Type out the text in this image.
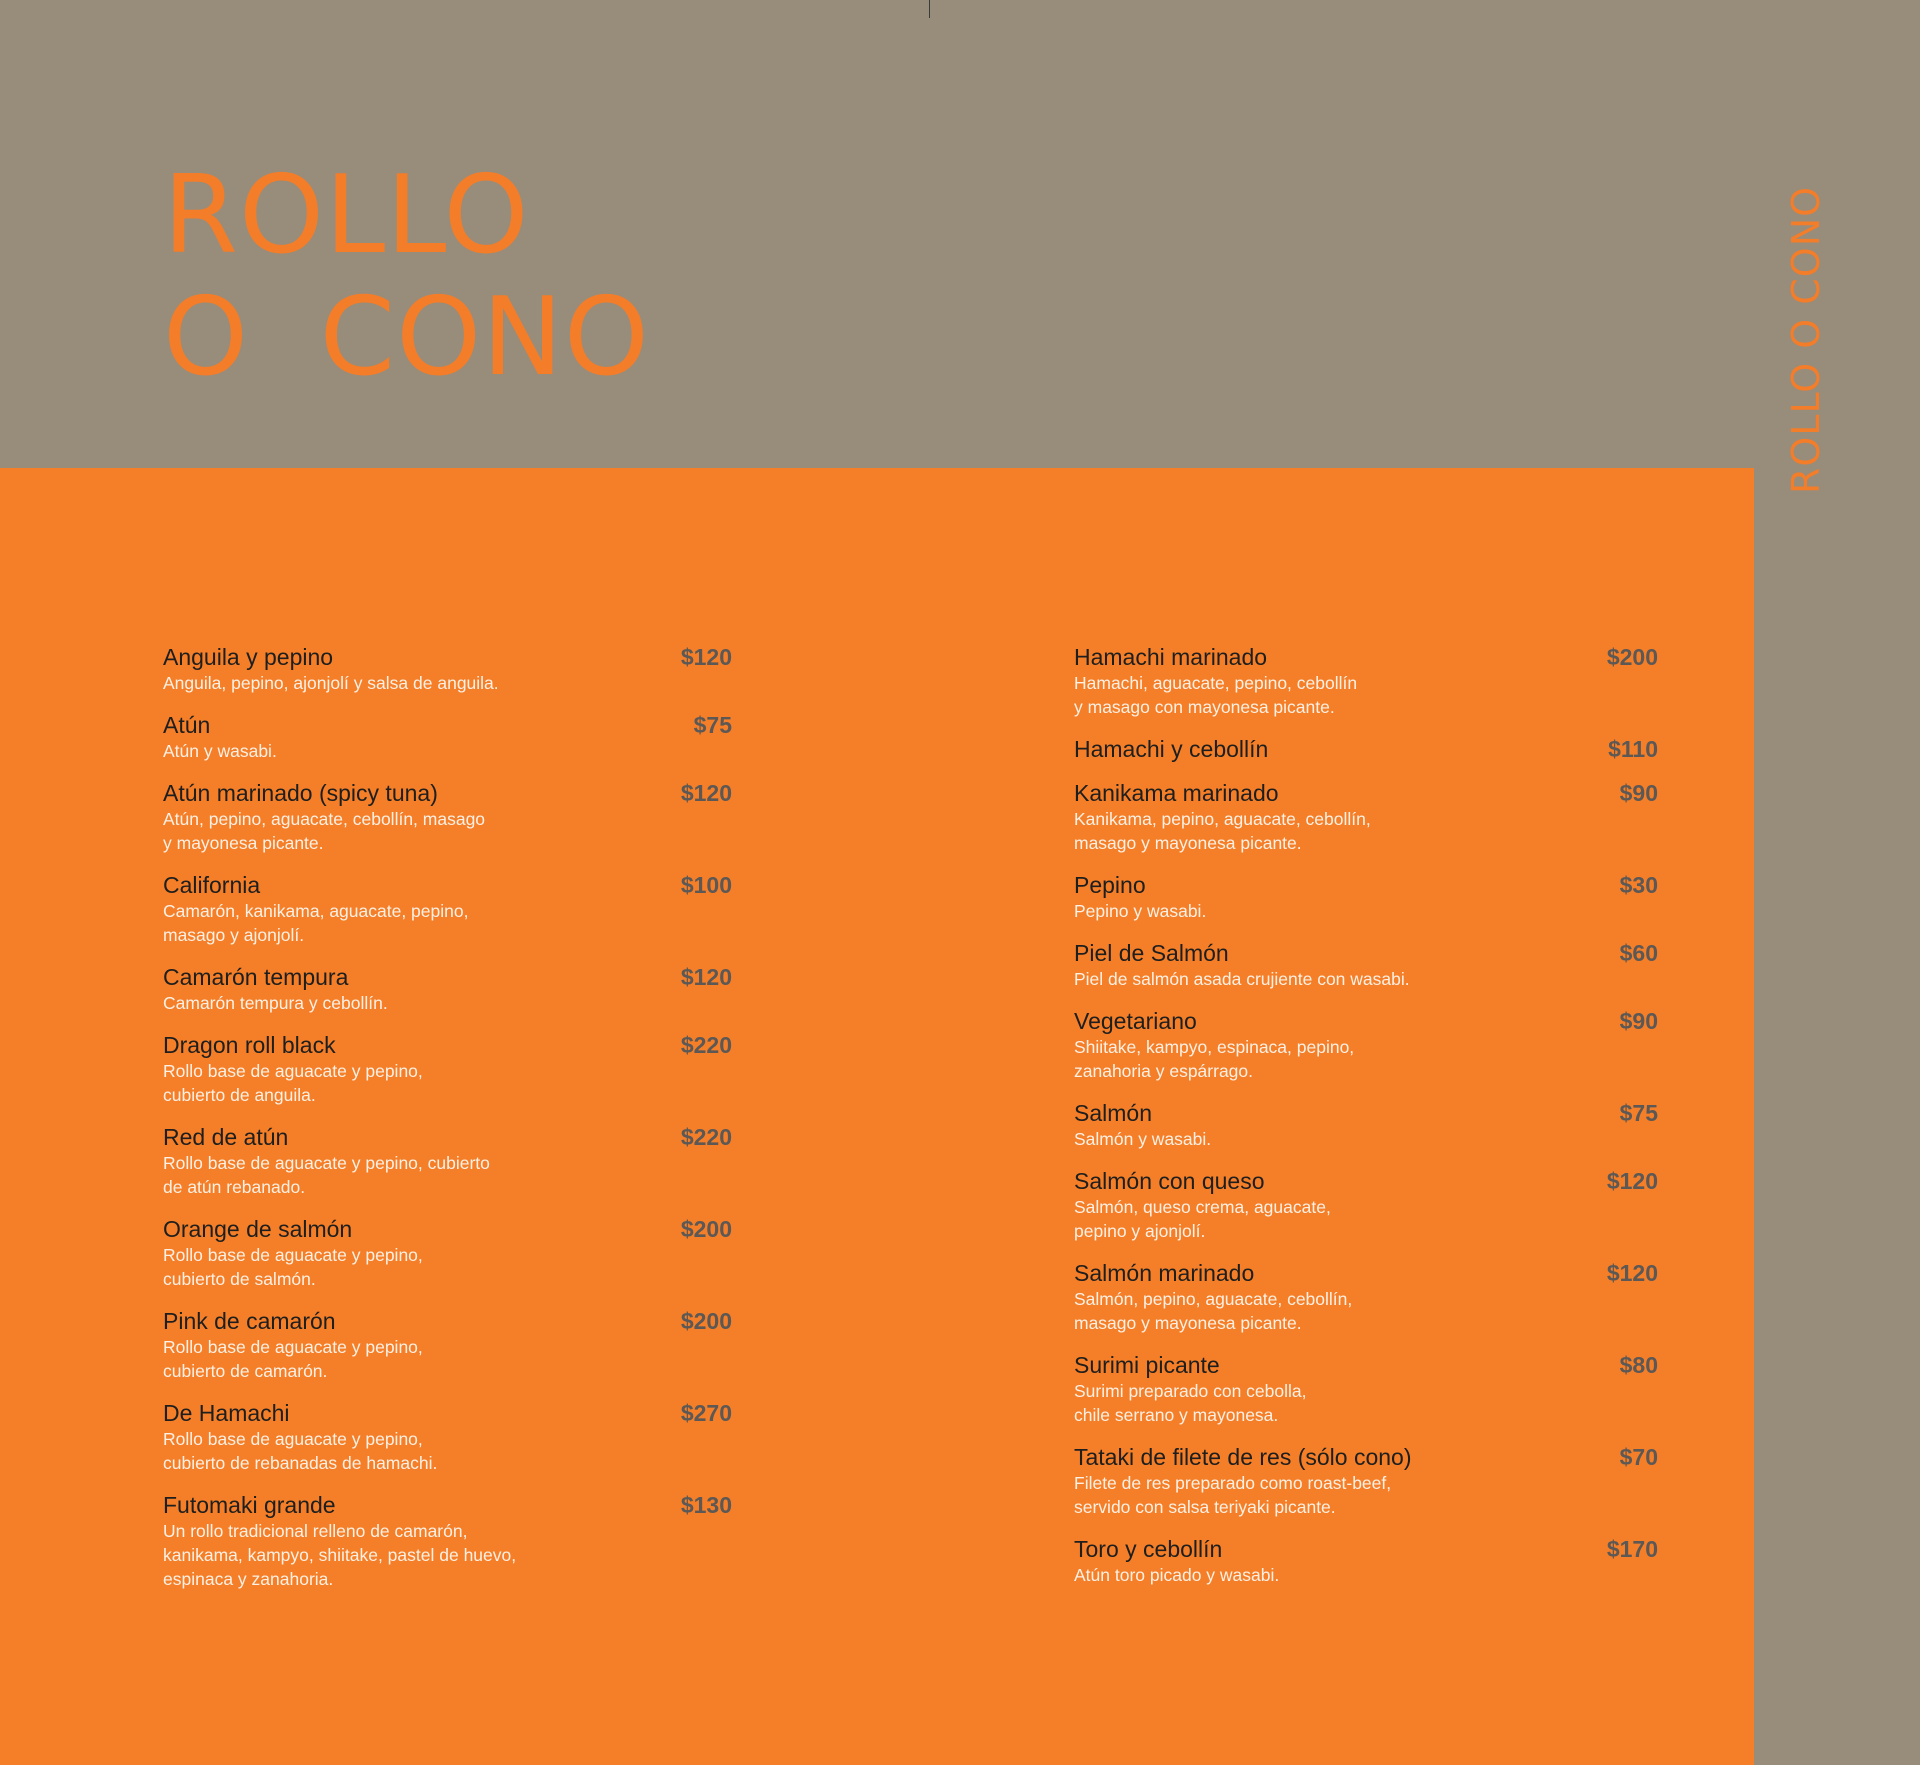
ROLLO
O  CONO	ROLLO O CONO
Anguila y pepino	$120
Anguila, pepino, ajonjolí y salsa de anguila.
Atún	$75
Atún y wasabi.
Atún marinado (spicy tuna)	$120
Atún, pepino, aguacate, cebollín, masago
y mayonesa picante.
California	$100
Camarón, kanikama, aguacate, pepino,
masago y ajonjolí.
Camarón tempura	$120
Camarón tempura y cebollín.
Dragon roll black	$220
Rollo base de aguacate y pepino,
cubierto de anguila.
Red de atún	$220
Rollo base de aguacate y pepino, cubierto
de atún rebanado.
Orange de salmón	$200
Rollo base de aguacate y pepino,
cubierto de salmón.
Pink de camarón	$200
Rollo base de aguacate y pepino,
cubierto de camarón.
De Hamachi	$270
Rollo base de aguacate y pepino,
cubierto de rebanadas de hamachi.
Futomaki grande	$130
Un rollo tradicional relleno de camarón,
kanikama, kampyo, shiitake, pastel de huevo,
espinaca y zanahoria.
Hamachi marinado	$200
Hamachi, aguacate, pepino, cebollín
y masago con mayonesa picante.
Hamachi y cebollín	$110
Kanikama marinado	$90
Kanikama, pepino, aguacate, cebollín,
masago y mayonesa picante.
Pepino	$30
Pepino y wasabi.
Piel de Salmón	$60
Piel de salmón asada crujiente con wasabi.
Vegetariano	$90
Shiitake, kampyo, espinaca, pepino,
zanahoria y espárrago.
Salmón	$75
Salmón y wasabi.
Salmón con queso	$120
Salmón, queso crema, aguacate,
pepino y ajonjolí.
Salmón marinado	$120
Salmón, pepino, aguacate, cebollín,
masago y mayonesa picante.
Surimi picante	$80
Surimi preparado con cebolla,
chile serrano y mayonesa.
Tataki de filete de res (sólo cono)	$70
Filete de res preparado como roast-beef,
servido con salsa teriyaki picante.
Toro y cebollín	$170
Atún toro picado y wasabi.
